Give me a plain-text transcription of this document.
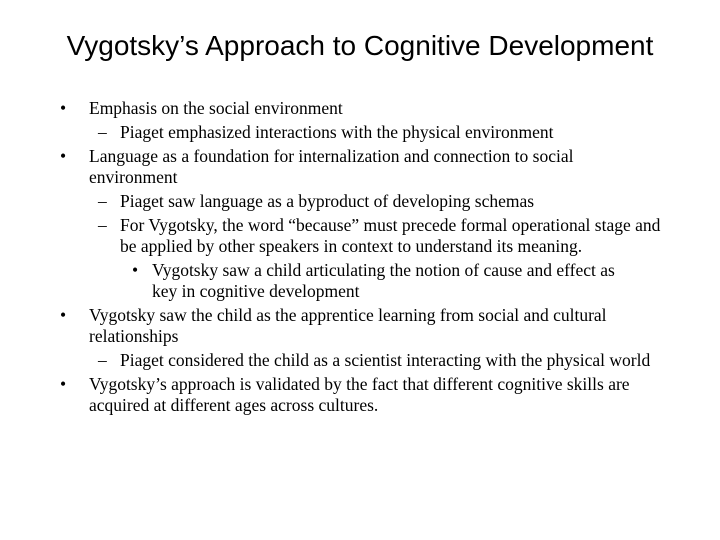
Vygotsky’s Approach to Cognitive Development
• Emphasis on the social environment
– Piaget emphasized interactions with the physical environment
• Language as a foundation for internalization and connection to social environment
– Piaget saw language as a byproduct of developing schemas
– For Vygotsky, the word “because” must precede formal operational stage and be applied by other speakers in context to understand its meaning.
• Vygotsky saw a child articulating the notion of cause and effect as key in cognitive development
• Vygotsky saw the child as the apprentice learning from social and cultural relationships
– Piaget considered the child as a scientist interacting with the physical world
• Vygotsky’s approach is validated by the fact that different cognitive skills are acquired at different ages across cultures.
